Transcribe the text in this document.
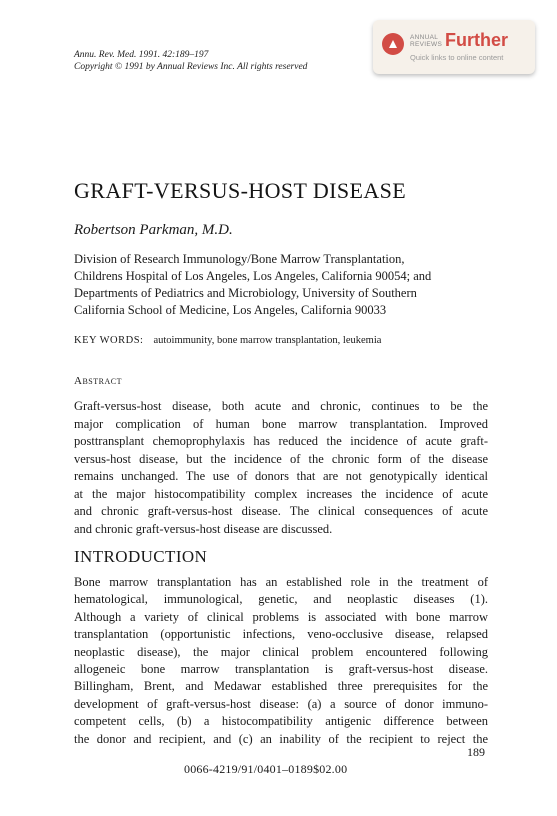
Annu. Rev. Med. 1991. 42:189–197
Copyright © 1991 by Annual Reviews Inc. All rights reserved
ANNUAL
REVIEWS Further
Quick links to online content
GRAFT-VERSUS-HOST DISEASE
Robertson Parkman, M.D.
Division of Research Immunology/Bone Marrow Transplantation,
Childrens Hospital of Los Angeles, Los Angeles, California 90054; and
Departments of Pediatrics and Microbiology, University of Southern
California School of Medicine, Los Angeles, California 90033
KEY WORDS: autoimmunity, bone marrow transplantation, leukemia
Abstract
Graft-versus-host disease, both acute and chronic, continues to be the
major complication of human bone marrow transplantation. Improved
posttransplant chemoprophylaxis has reduced the incidence of acute graft-
versus-host disease, but the incidence of the chronic form of the disease
remains unchanged. The use of donors that are not genotypically identical
at the major histocompatibility complex increases the incidence of acute
and chronic graft-versus-host disease. The clinical consequences of acute
and chronic graft-versus-host disease are discussed.
INTRODUCTION
Bone marrow transplantation has an established role in the treatment of
hematological, immunological, genetic, and neoplastic diseases (1).
Although a variety of clinical problems is associated with bone marrow
transplantation (opportunistic infections, veno-occlusive disease, relapsed
neoplastic disease), the major clinical problem encountered following
allogeneic bone marrow transplantation is graft-versus-host disease.
Billingham, Brent, and Medawar established three prerequisites for the
development of graft-versus-host disease: (a) a source of donor immuno-
competent cells, (b) a histocompatibility antigenic difference between
the donor and recipient, and (c) an inability of the recipient to reject the
189
0066-4219/91/0401–0189$02.00
